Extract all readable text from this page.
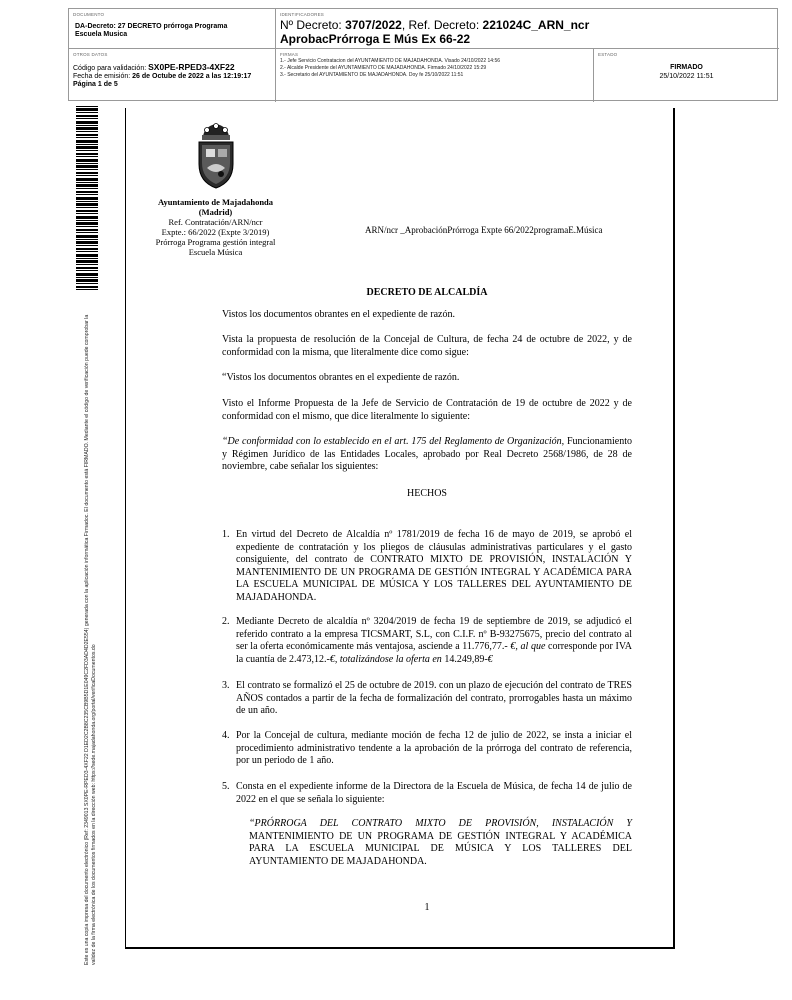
DOCUMENTO
DA-Decreto: 27 DECRETO prórroga Programa
Escuela Musica
IDENTIFICADORES
Nº Decreto: 3707/2022, Ref. Decreto: 221024C_ARN_ncr
AprobacPrórroga E Mús Ex 66-22
OTROS DATOS
Código para validación: SX0PE-RPED3-4XF22
Fecha de emisión: 26 de Octube de 2022 a las 12:19:17
Página 1 de 5
FIRMAS
1.- Jefe Servicio Contratacion del AYUNTAMIENTO DE MAJADAHONDA. Visado 24/10/2022 14:56
2.- Alcalde Presidente del AYUNTAMIENTO DE MAJADAHONDA. Firmado 24/10/2022 15:29
3.- Secretario del AYUNTAMIENTO DE MAJADAHONDA. Doy fe 25/10/2022 11:51
ESTADO
FIRMADO
25/10/2022 11:51
Este es una copia impresa del documento electrónico (Ref: 2349013 SX0PE-RPED3-4XF22 D1ED2C2B8C235CB9B5D1E049C2FD3AD4D2E554) generada con la aplicación informática Firmadoc. El documento está FIRMADO. Mediante el código de verificación puede comprobar la validez de la firma electrónica de los documentos firmados en la dirección web: https://sede.majadahonda.org/portal/verificaDocumentos.do
Ayuntamiento de Majadahonda
(Madrid)
Ref. Contratación/ARN/ncr
Expte.: 66/2022 (Expte 3/2019)
Prórroga Programa gestión integral
Escuela Música
ARN/ncr _AprobaciónPrórroga Expte 66/2022programaE.Música
DECRETO DE ALCALDÍA
Vistos los documentos obrantes en el expediente de razón.
Vista la propuesta de resolución de la Concejal de Cultura, de fecha 24 de octubre de 2022, y de conformidad con la misma, que literalmente dice como sigue:
“Vistos los documentos obrantes en el expediente de razón.
Visto el Informe Propuesta de la Jefe de Servicio de Contratación de 19 de octubre de 2022 y de conformidad con el mismo, que dice literalmente lo siguiente:
“De conformidad con lo establecido en el art. 175 del Reglamento de Organización, Funcionamiento y Régimen Jurídico de las Entidades Locales, aprobado por Real Decreto 2568/1986, de 28 de noviembre, cabe señalar los siguientes:
HECHOS
1. En virtud del Decreto de Alcaldía nº 1781/2019 de fecha 16 de mayo de 2019, se aprobó el expediente de contratación y los pliegos de cláusulas administrativas particulares y el gasto consiguiente, del contrato de CONTRATO MIXTO DE PROVISIÓN, INSTALACIÓN Y MANTENIMIENTO DE UN PROGRAMA DE GESTIÓN INTEGRAL Y ACADÉMICA PARA LA ESCUELA MUNICIPAL DE MÚSICA Y LOS TALLERES DEL AYUNTAMIENTO DE MAJADAHONDA.
2. Mediante Decreto de alcaldía nº 3204/2019 de fecha 19 de septiembre de 2019, se adjudicó el referido contrato a la empresa TICSMART, S.L, con C.I.F. nº B-93275675, precio del contrato al ser la oferta económicamente más ventajosa, asciende a 11.776,77.- €, al que corresponde por IVA la cuantía de 2.473,12.-€, totalizándose la oferta en 14.249,89-€
3. El contrato se formalizó el 25 de octubre de 2019. con un plazo de ejecución del contrato de TRES AÑOS contados a partir de la fecha de formalización del contrato, prorrogables hasta un máximo de un año.
4. Por la Concejal de cultura, mediante moción de fecha 12 de julio de 2022, se insta a iniciar el procedimiento administrativo tendente a la aprobación de la prórroga del contrato de referencia, por un periodo de 1 año.
5. Consta en el expediente informe de la Directora de la Escuela de Música, de fecha 14 de julio de 2022 en el que se señala lo siguiente:
“PRÓRROGA DEL CONTRATO MIXTO DE PROVISIÓN, INSTALACIÓN Y MANTENIMIENTO DE UN PROGRAMA DE GESTIÓN INTEGRAL Y ACADÉMICA PARA LA ESCUELA MUNICIPAL DE MÚSICA Y LOS TALLERES DEL AYUNTAMIENTO DE MAJADAHONDA.
1
